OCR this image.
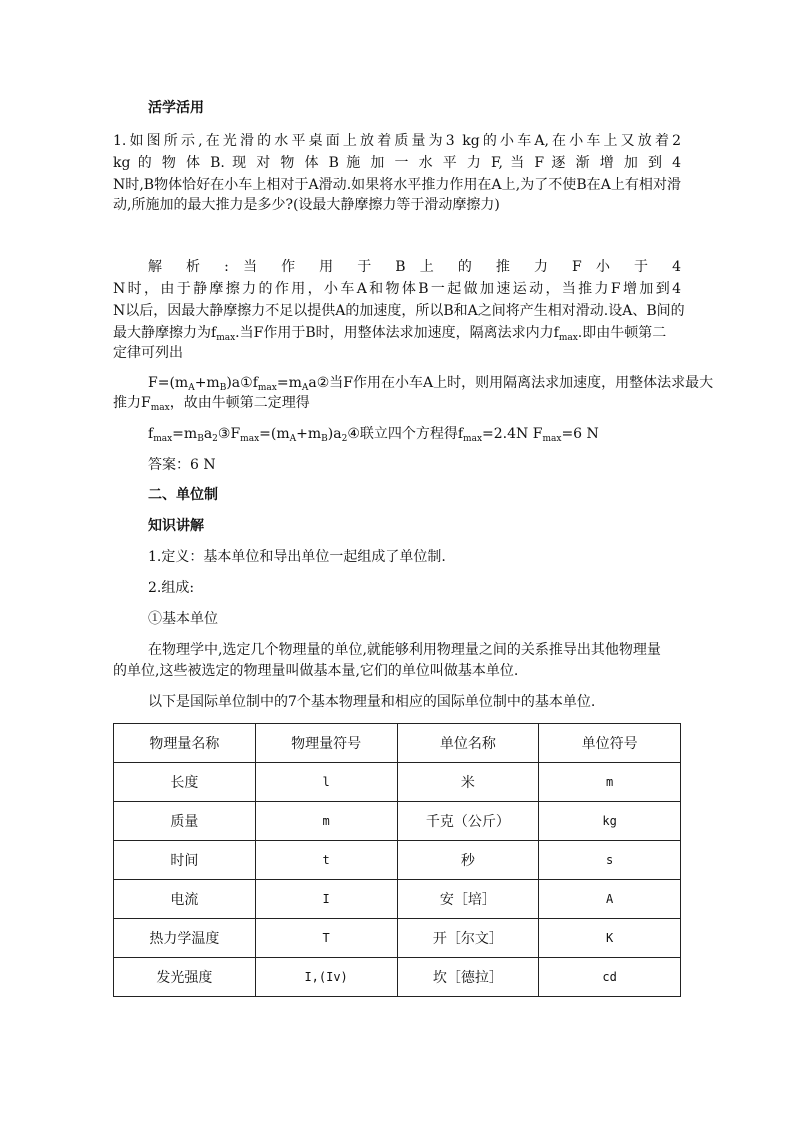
活学活用
1.如图所示,在光滑的水平桌面上放着质量为3 kg的小车A,在小车上又放着2
kg 的 物 体 B. 现 对 物 体 B 施 加 一 水 平 力 F, 当 F 逐 渐 增 加 到 4
N时,B物体恰好在小车上相对于A滑动.如果将水平推力作用在A上,为了不使B在A上有相对滑
动,所施加的最大推力是多少?(设最大静摩擦力等于滑动摩擦力)
解 析 : 当 作 用 于 B 上 的 推 力 F 小 于 4
N时，由于静摩擦力的作用，小车A和物体B一起做加速运动，当推力F增加到4
N以后，因最大静摩擦力不足以提供A的加速度，所以B和A之间将产生相对滑动.设A、B间的
最大静摩擦力为$f_{max}$.当F作用于B时，用整体法求加速度，隔离法求内力$f_{max}$.即由牛顿第二
定律可列出
$F=(m_A+m_B)a①f_{max}=m_Aa②$当F作用在小车A上时，则用隔离法求加速度，用整体法求最大
推力$F_{max}$，故由牛顿第二定理得
$f_{max}=m_Ba_2③F_{max}=(m_A+m_B)a_2④$联立四个方程得$f_{max}=2.4N$ $F_{max}=6$ N
答案：6 N
二、单位制
知识讲解
1.定义：基本单位和导出单位一起组成了单位制.
2.组成:
①基本单位
在物理学中,选定几个物理量的单位,就能够利用物理量之间的关系推导出其他物理量
的单位,这些被选定的物理量叫做基本量,它们的单位叫做基本单位.
以下是国际单位制中的7个基本物理量和相应的国际单位制中的基本单位.
物理量名称	物理量符号	单位名称	单位符号
长度	l	米	m
质量	m	千克（公斤）	kg
时间	t	秒	s
电流	I	安［培］	A
热力学温度	T	开［尔文］	K
发光强度	I,(Iv)	坎［德拉］	cd
